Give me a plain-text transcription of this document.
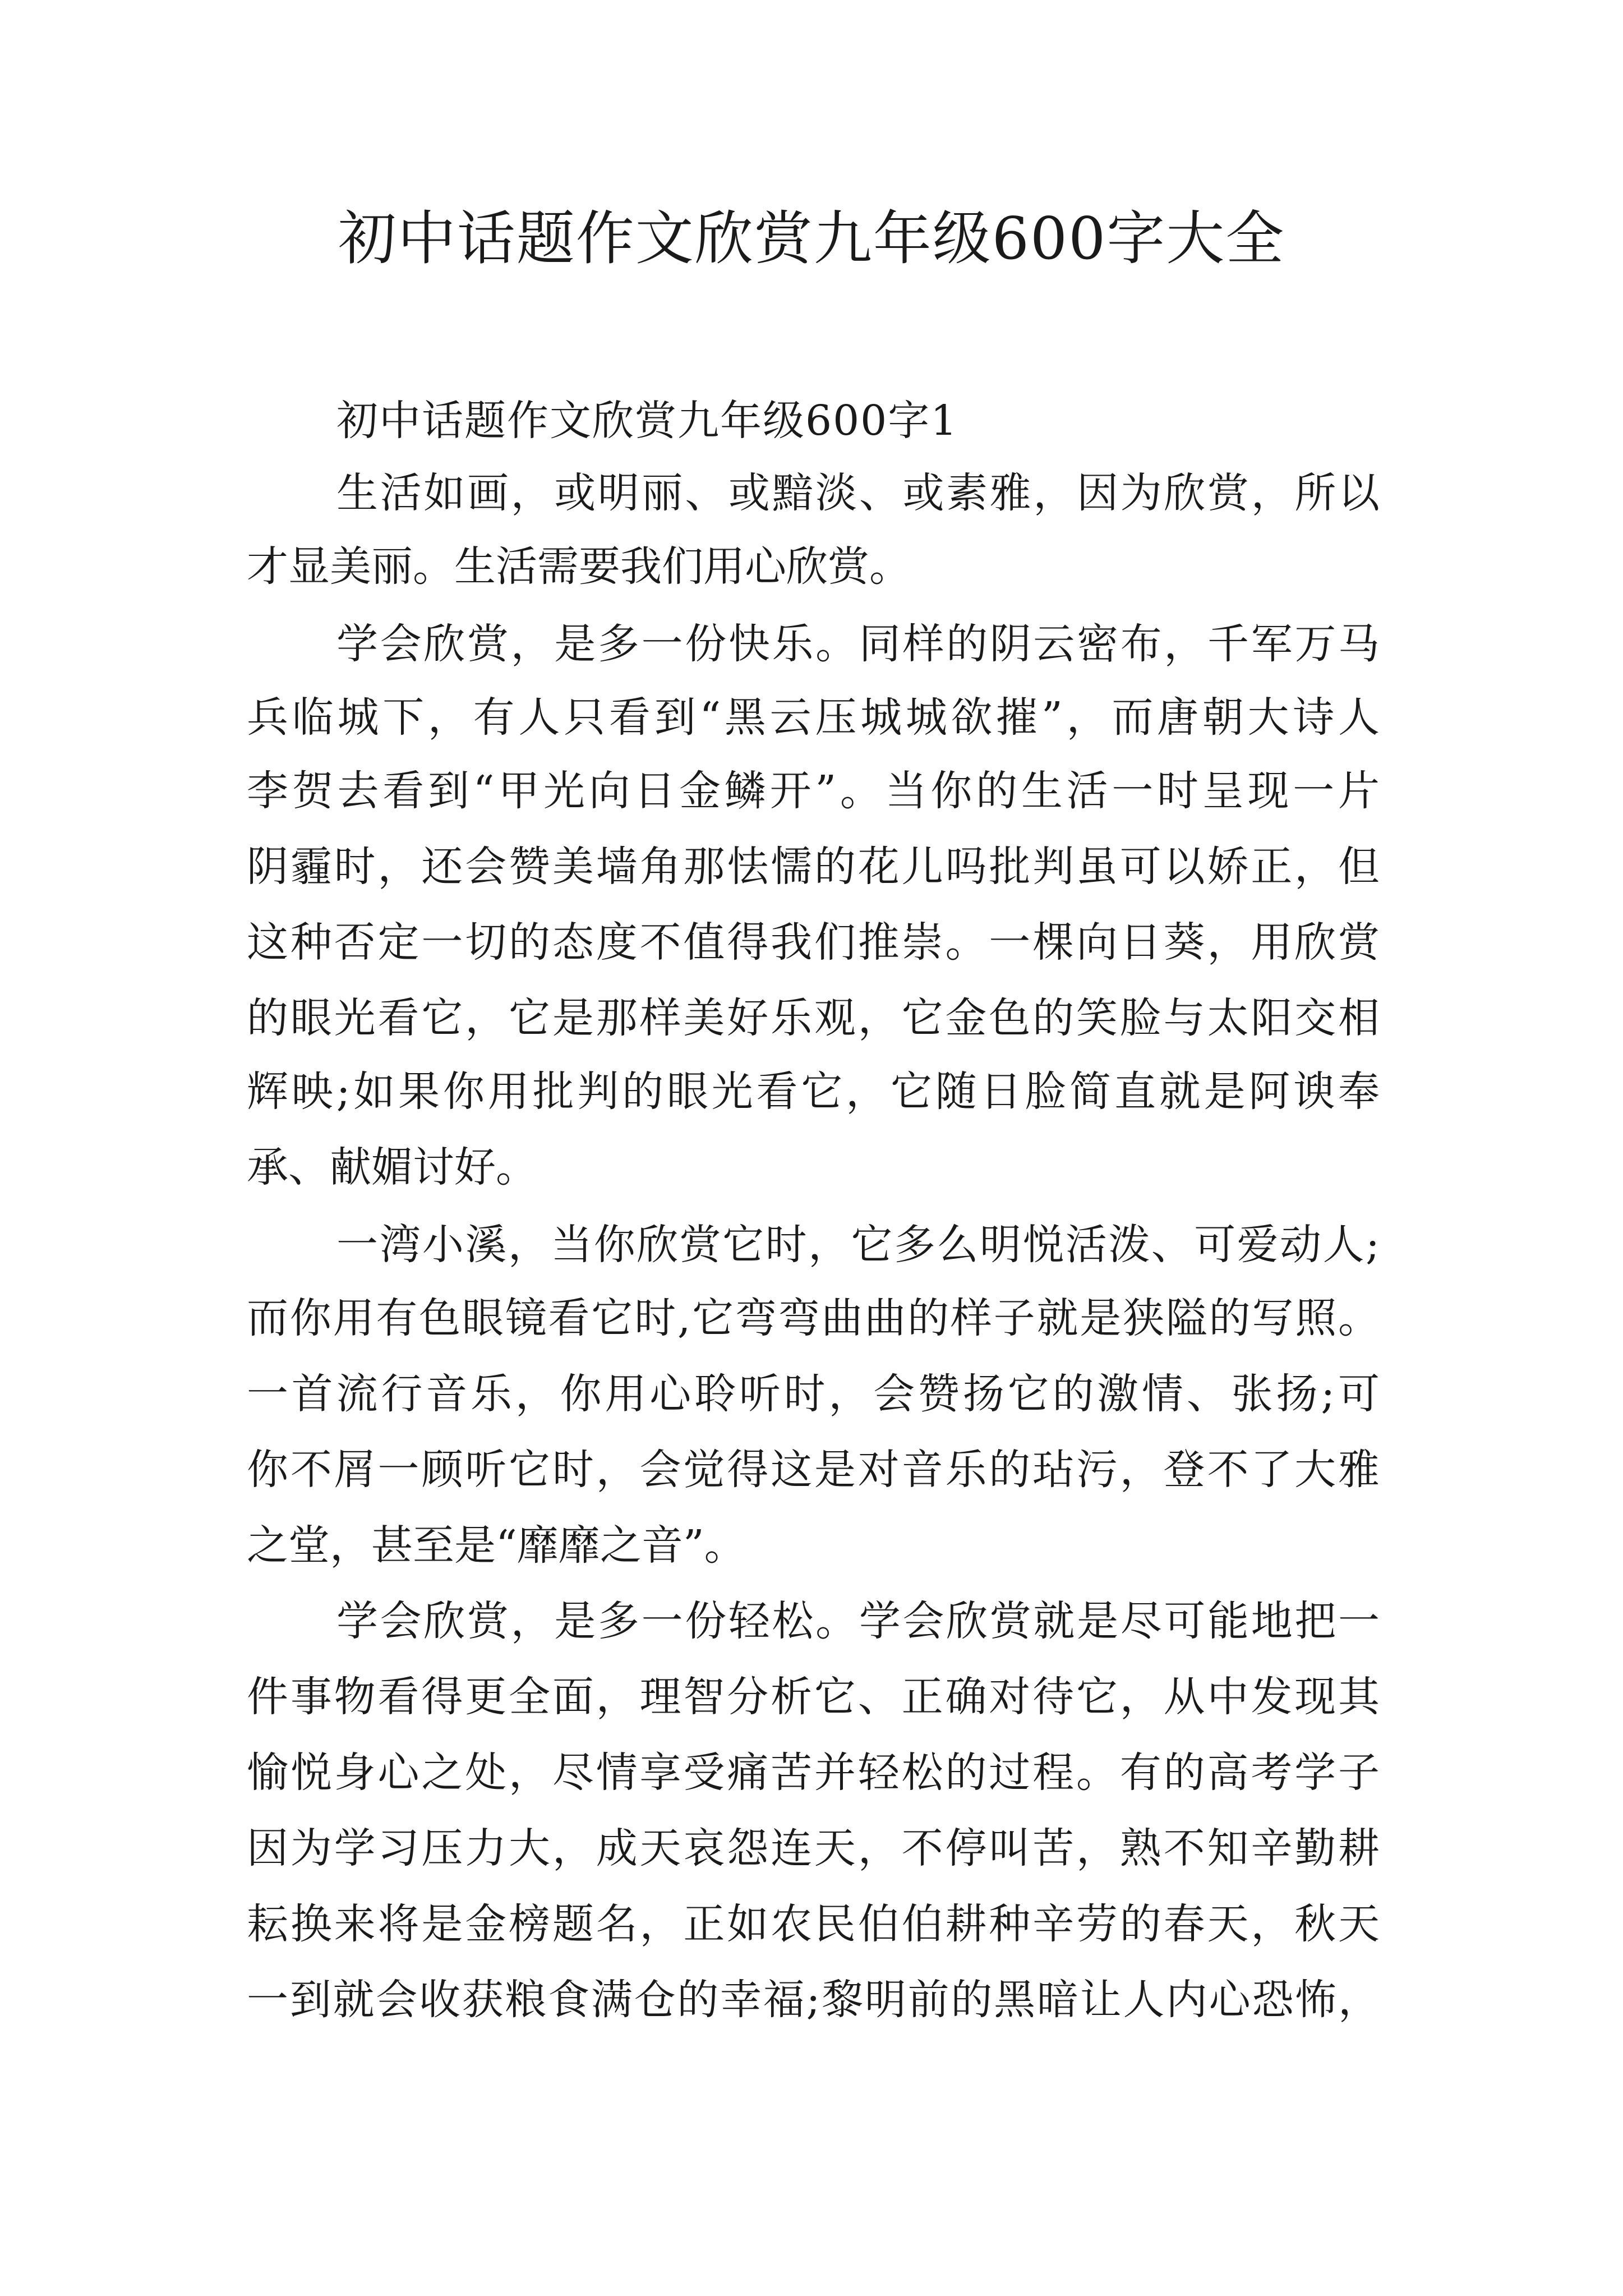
初中话题作文欣赏九年级600字大全

初中话题作文欣赏九年级600字1

生活如画，或明丽、或黯淡、或素雅，因为欣赏，所以

才显美丽。生活需要我们用心欣赏。

学会欣赏，是多一份快乐。同样的阴云密布，千军万马

兵临城下，有人只看到“黑云压城城欲摧”，而唐朝大诗人

李贺去看到“甲光向日金鳞开”。当你的生活一时呈现一片

阴霾时，还会赞美墙角那怯懦的花儿吗批判虽可以娇正，但

这种否定一切的态度不值得我们推崇。一棵向日葵，用欣赏

的眼光看它，它是那样美好乐观，它金色的笑脸与太阳交相

辉映;如果你用批判的眼光看它，它随日脸简直就是阿谀奉

承、献媚讨好。

一湾小溪，当你欣赏它时，它多么明悦活泼、可爱动人;

而你用有色眼镜看它时,它弯弯曲曲的样子就是狭隘的写照。

一首流行音乐，你用心聆听时，会赞扬它的激情、张扬;可

你不屑一顾听它时，会觉得这是对音乐的玷污，登不了大雅

之堂，甚至是“靡靡之音”。

学会欣赏，是多一份轻松。学会欣赏就是尽可能地把一

件事物看得更全面，理智分析它、正确对待它，从中发现其

愉悦身心之处，尽情享受痛苦并轻松的过程。有的高考学子

因为学习压力大，成天哀怨连天，不停叫苦，熟不知辛勤耕

耘换来将是金榜题名，正如农民伯伯耕种辛劳的春天，秋天

一到就会收获粮食满仓的幸福;黎明前的黑暗让人内心恐怖，
